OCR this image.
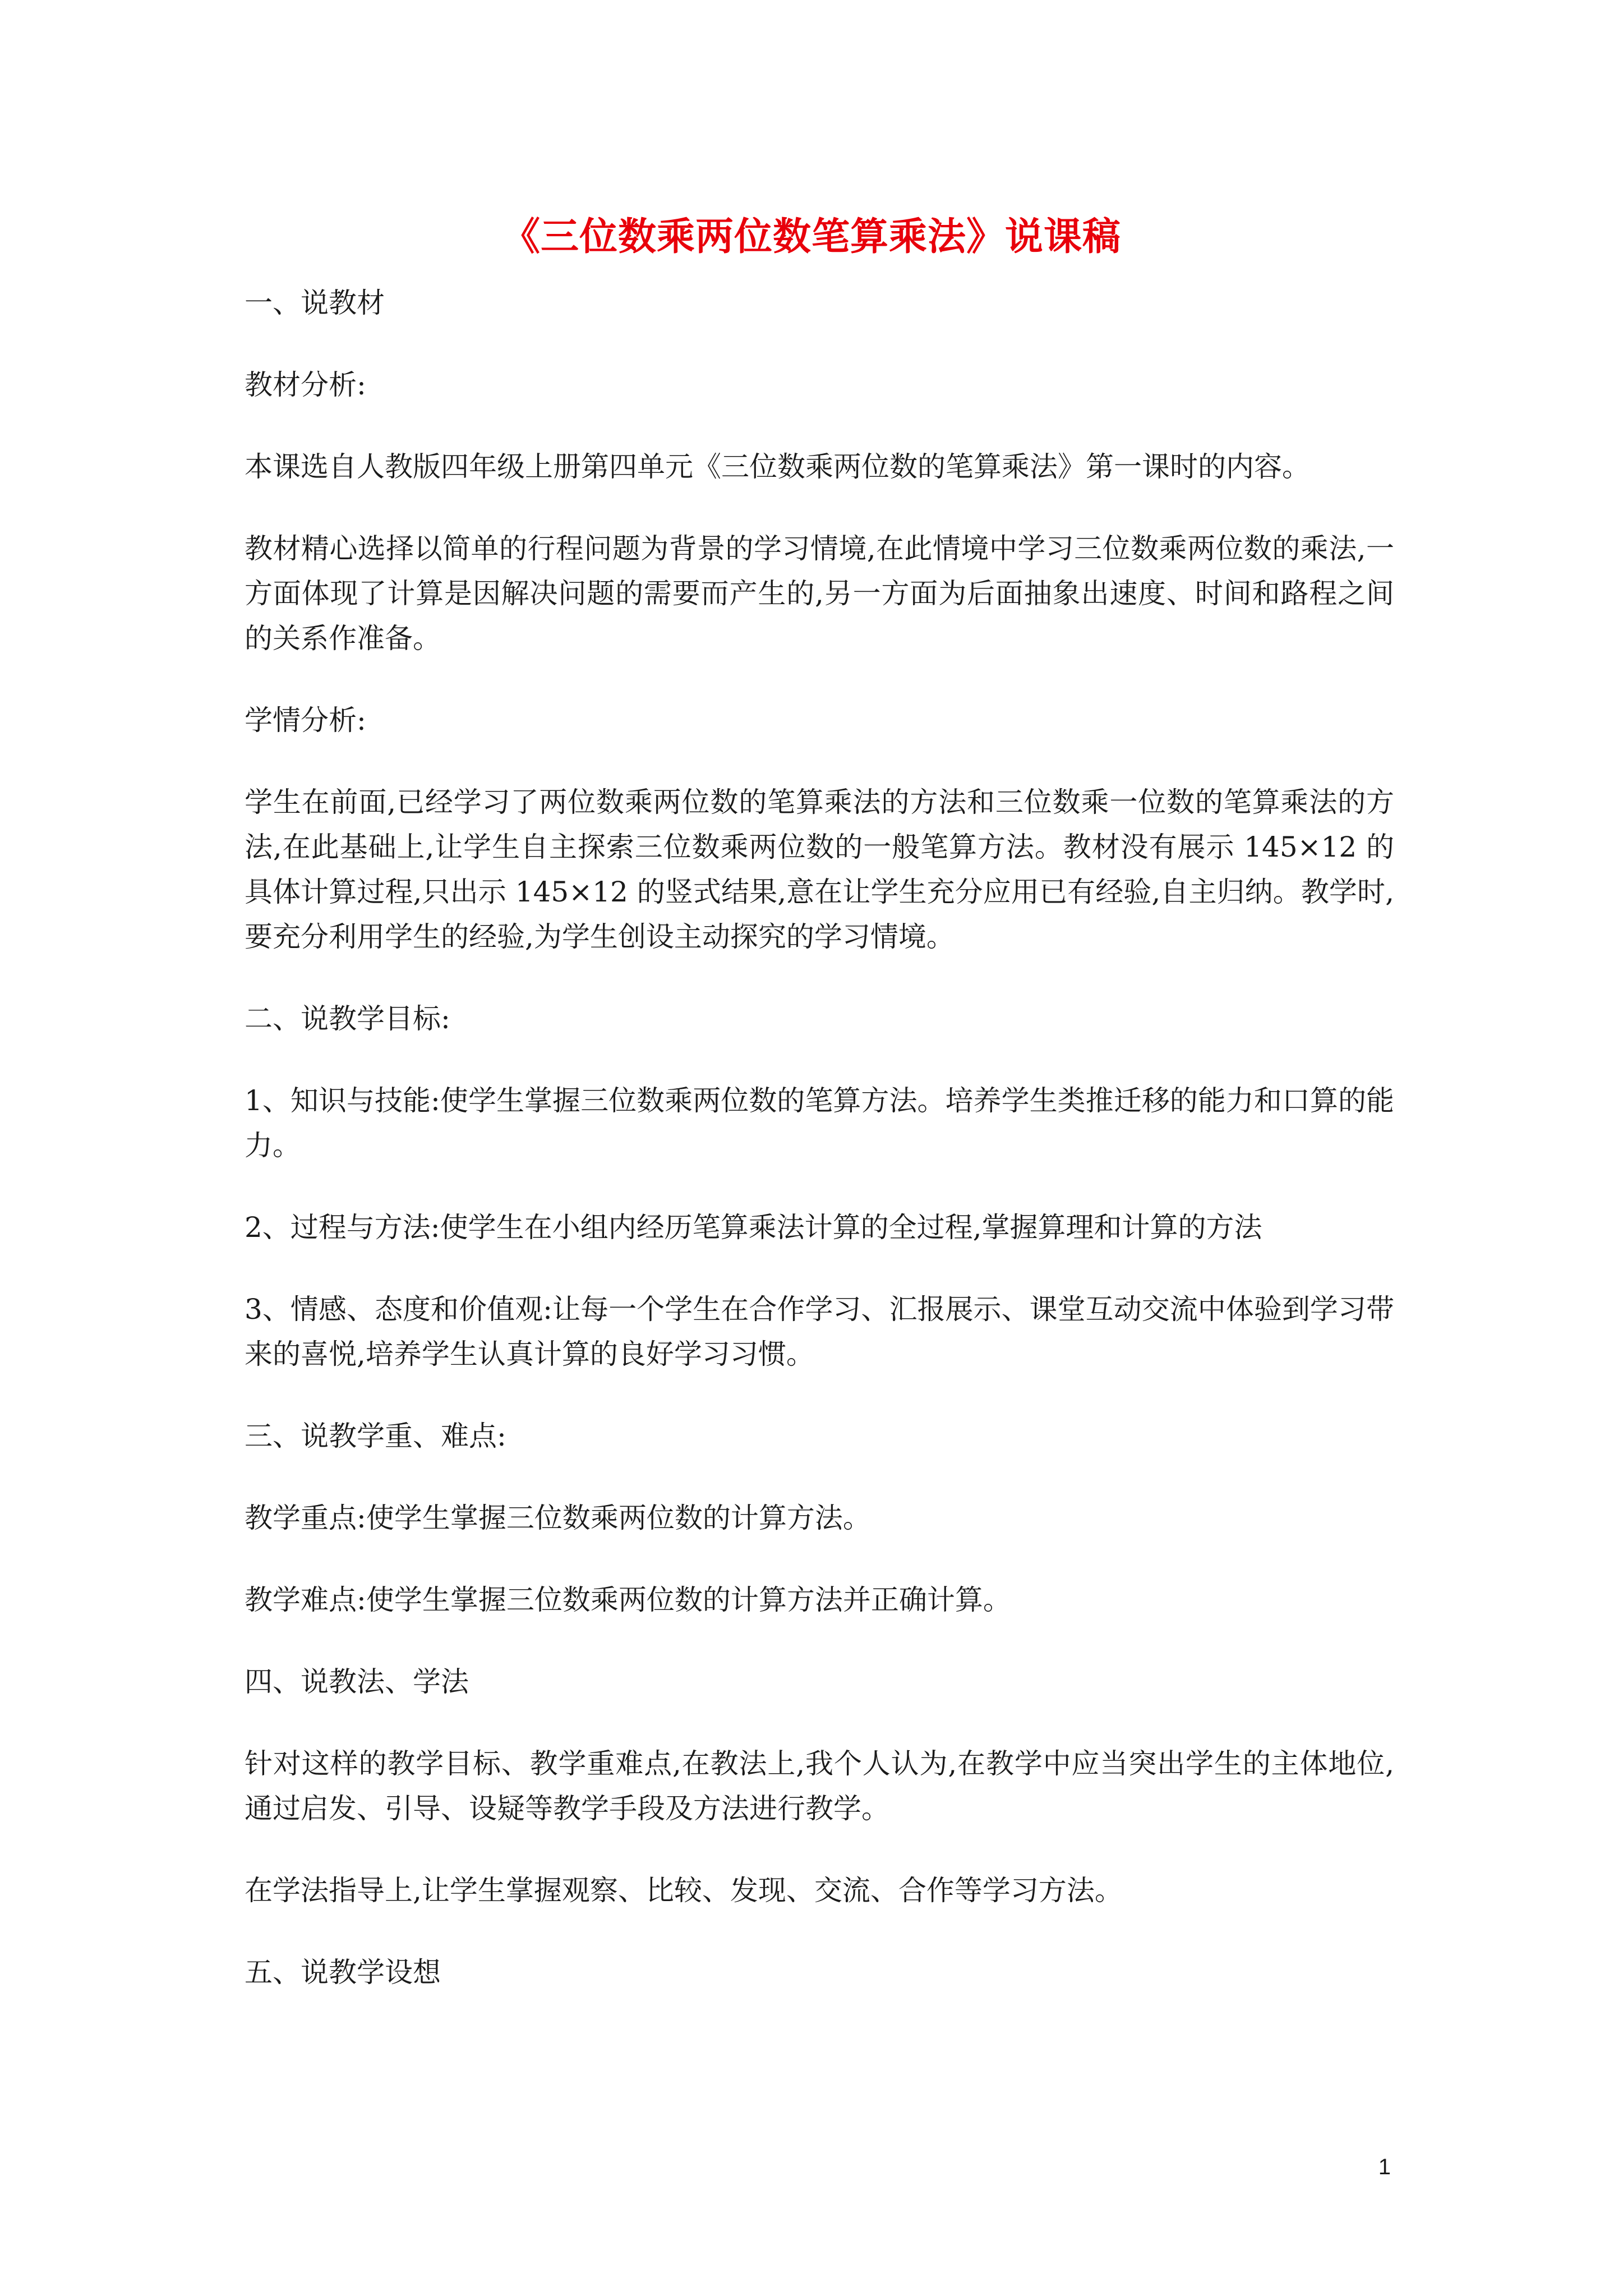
《三位数乘两位数笔算乘法》说课稿

一、说教材

教材分析:

本课选自人教版四年级上册第四单元《三位数乘两位数的笔算乘法》第一课时的内容。

教材精心选择以简单的行程问题为背景的学习情境,在此情境中学习三位数乘两位数的乘法,一方面体现了计算是因解决问题的需要而产生的,另一方面为后面抽象出速度、时间和路程之间的关系作准备。

学情分析:

学生在前面,已经学习了两位数乘两位数的笔算乘法的方法和三位数乘一位数的笔算乘法的方法,在此基础上,让学生自主探索三位数乘两位数的一般笔算方法。教材没有展示 145×12 的具体计算过程,只出示 145×12 的竖式结果,意在让学生充分应用已有经验,自主归纳。教学时,要充分利用学生的经验,为学生创设主动探究的学习情境。

二、说教学目标:

1、知识与技能:使学生掌握三位数乘两位数的笔算方法。培养学生类推迁移的能力和口算的能力。

2、过程与方法:使学生在小组内经历笔算乘法计算的全过程,掌握算理和计算的方法

3、情感、态度和价值观:让每一个学生在合作学习、汇报展示、课堂互动交流中体验到学习带来的喜悦,培养学生认真计算的良好学习习惯。

三、说教学重、难点:

教学重点:使学生掌握三位数乘两位数的计算方法。

教学难点:使学生掌握三位数乘两位数的计算方法并正确计算。

四、说教法、学法

针对这样的教学目标、教学重难点,在教法上,我个人认为,在教学中应当突出学生的主体地位,通过启发、引导、设疑等教学手段及方法进行教学。

在学法指导上,让学生掌握观察、比较、发现、交流、合作等学习方法。

五、说教学设想

1
